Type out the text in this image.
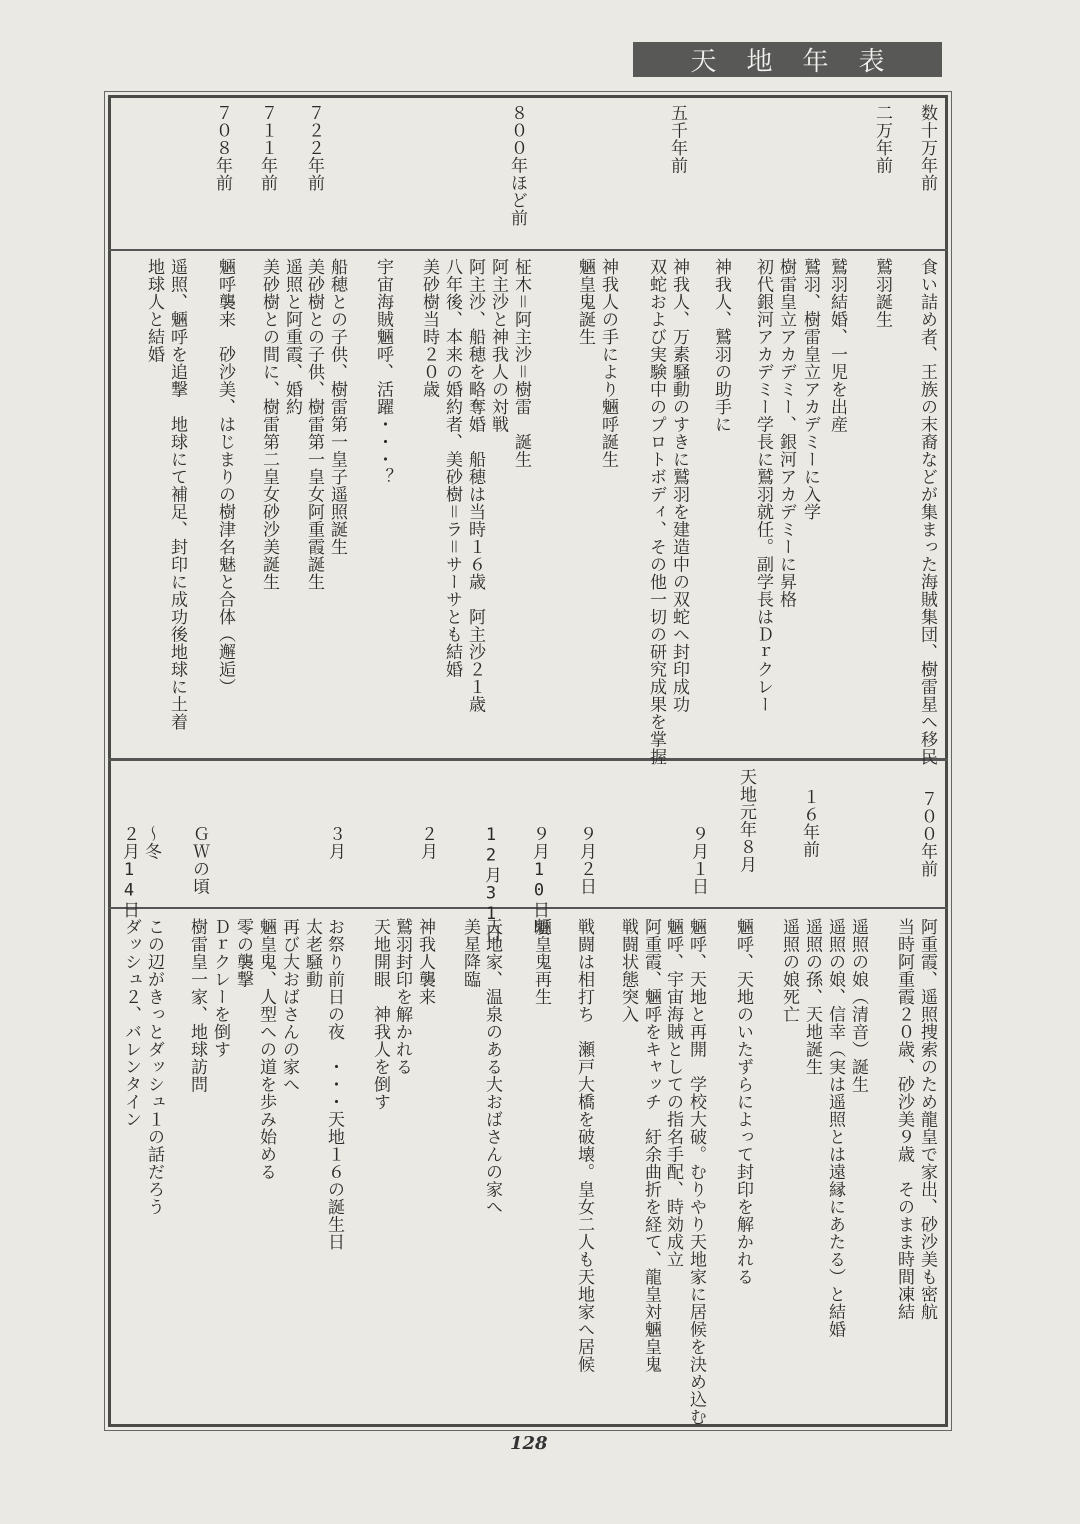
天地年表
数十万年前
二万年前
五千年前
８００年ほど前
７２２年前
７１１年前
７０８年前
食い詰め者、王族の末裔などが集まった海賊集団、樹雷星へ移民
鷲羽誕生
鷲羽結婚、一児を出産
鷲羽、樹雷皇立アカデミーに入学
樹雷皇立アカデミー、銀河アカデミーに昇格
初代銀河アカデミー学長に鷲羽就任。副学長はＤｒクレー
神我人、鷲羽の助手に
神我人、万素騒動のすきに鷲羽を建造中の双蛇へ封印成功
双蛇および実験中のプロトボディ、その他一切の研究成果を掌握
神我人の手により魎呼誕生
魎皇鬼誕生
柾木＝阿主沙＝樹雷　誕生
阿主沙と神我人の対戦
阿主沙、船穂を略奪婚　船穂は当時１６歳　阿主沙２１歳
八年後、本来の婚約者、美砂樹＝ラ＝サーサとも結婚
美砂樹当時２０歳
宇宙海賊魎呼、活躍・・・？
船穂との子供、樹雷第一皇子遥照誕生
美砂樹との子供、樹雷第一皇女阿重霞誕生
遥照と阿重霞、婚約
美砂樹との間に、樹雷第二皇女砂沙美誕生
魎呼襲来　砂沙美、はじまりの樹津名魅と合体（邂逅）
遥照、魎呼を追撃　地球にて補足、封印に成功後地球に土着
地球人と結婚
７００年前
１６年前
天地元年８月
９月１日
９月２日
９月10日頃
12月31日
２月
３月
ＧＷの頃
～冬
２月14日
阿重霞、遥照捜索のため龍皇で家出、砂沙美も密航
当時阿重霞２０歳、砂沙美９歳　そのまま時間凍結
遥照の娘（清音）誕生
遥照の娘、信幸（実は遥照とは遠縁にあたる）と結婚
遥照の孫、天地誕生
遥照の娘死亡
魎呼、天地のいたずらによって封印を解かれる
魎呼、天地と再開　学校大破。むりやり天地家に居候を決め込む
魎呼、宇宙海賊としての指名手配、時効成立
阿重霞、魎呼をキャッチ　紆余曲折を経て、龍皇対魎皇鬼
戦闘状態突入
戦闘は相打ち　瀬戸大橋を破壊。皇女二人も天地家へ居候
魎皇鬼再生
天地家、温泉のある大おばさんの家へ
美星降臨
神我人襲来
鷲羽封印を解かれる
天地開眼　神我人を倒す
お祭り前日の夜　・・・天地１６の誕生日
太老騒動
再び大おばさんの家へ
魎皇鬼、人型への道を歩み始める
零の襲撃
Ｄｒクレーを倒す
樹雷皇一家、地球訪問
この辺がきっとダッシュ１の話だろう
ダッシュ２、バレンタイン
128
